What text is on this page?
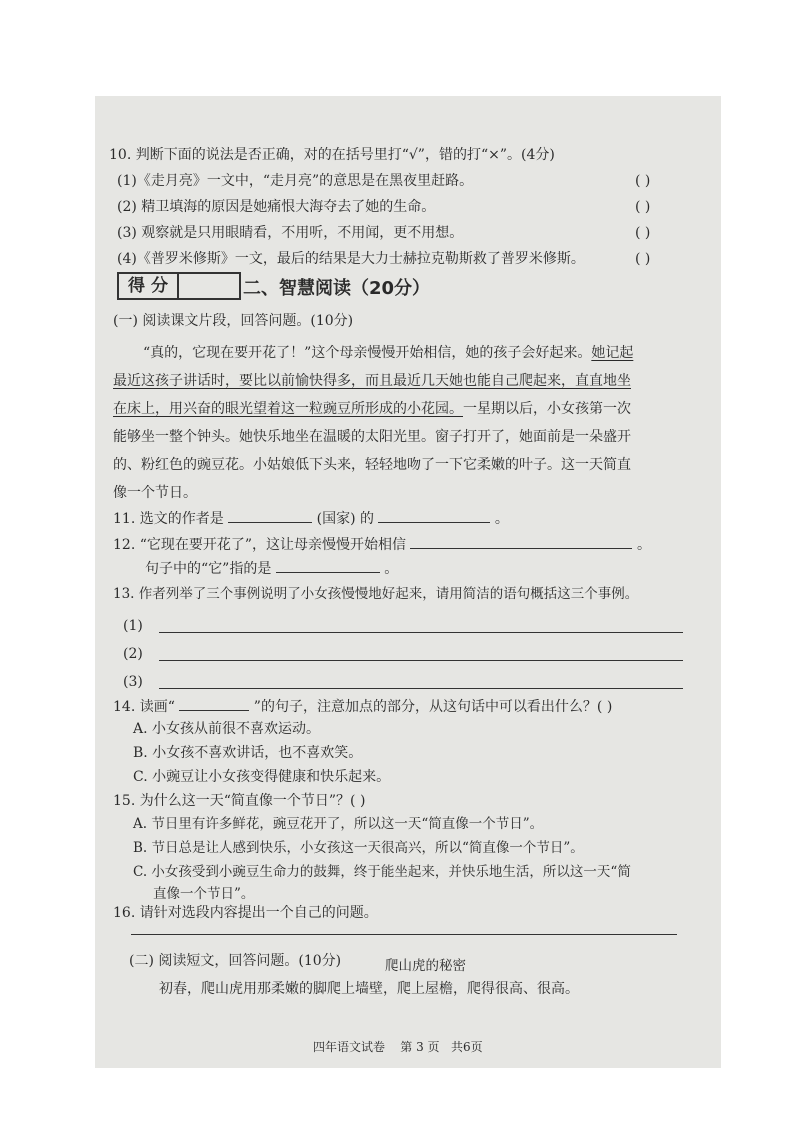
10. 判断下面的说法是否正确，对的在括号里打“√”，错的打“×”。(4分)
(1)《走月亮》一文中，“走月亮”的意思是在黑夜里赶路。	( )
(2) 精卫填海的原因是她痛恨大海夺去了她的生命。	( )
(3) 观察就是只用眼睛看，不用听，不用闻，更不用想。	( )
(4)《普罗米修斯》一文，最后的结果是大力士赫拉克勒斯救了普罗米修斯。	( )
得 分	二、智慧阅读（20分）
(一) 阅读课文片段，回答问题。(10分)
“真的，它现在要开花了！”这个母亲慢慢开始相信，她的孩子会好起来。她记起
最近这孩子讲话时，要比以前愉快得多，而且最近几天她也能自己爬起来，直直地坐
在床上，用兴奋的眼光望着这一粒豌豆所形成的小花园。一星期以后，小女孩第一次
能够坐一整个钟头。她快乐地坐在温暖的太阳光里。窗子打开了，她面前是一朵盛开
的、粉红色的豌豆花。小姑娘低下头来，轻轻地吻了一下它柔嫩的叶子。这一天简直
像一个节日。
11. 选文的作者是	(国家) 的	。
12. “它现在要开花了”，这让母亲慢慢开始相信	。
句子中的“它”指的是	。
13. 作者列举了三个事例说明了小女孩慢慢地好起来，请用简洁的语句概括这三个事例。
(1)
(2)
(3)
14. 读画“	”的句子，注意加点的部分，从这句话中可以看出什么？( )
A. 小女孩从前很不喜欢运动。
B. 小女孩不喜欢讲话，也不喜欢笑。
C. 小豌豆让小女孩变得健康和快乐起来。
15. 为什么这一天“简直像一个节日”？( )
A. 节日里有许多鲜花，豌豆花开了，所以这一天“简直像一个节日”。
B. 节日总是让人感到快乐，小女孩这一天很高兴，所以“简直像一个节日”。
C. 小女孩受到小豌豆生命力的鼓舞，终于能坐起来，并快乐地生活，所以这一天“简
直像一个节日”。
16. 请针对选段内容提出一个自己的问题。
(二) 阅读短文，回答问题。(10分)	爬山虎的秘密
初春，爬山虎用那柔嫩的脚爬上墙壁，爬上屋檐，爬得很高、很高。
四年语文试卷 第 3 页 共6页
